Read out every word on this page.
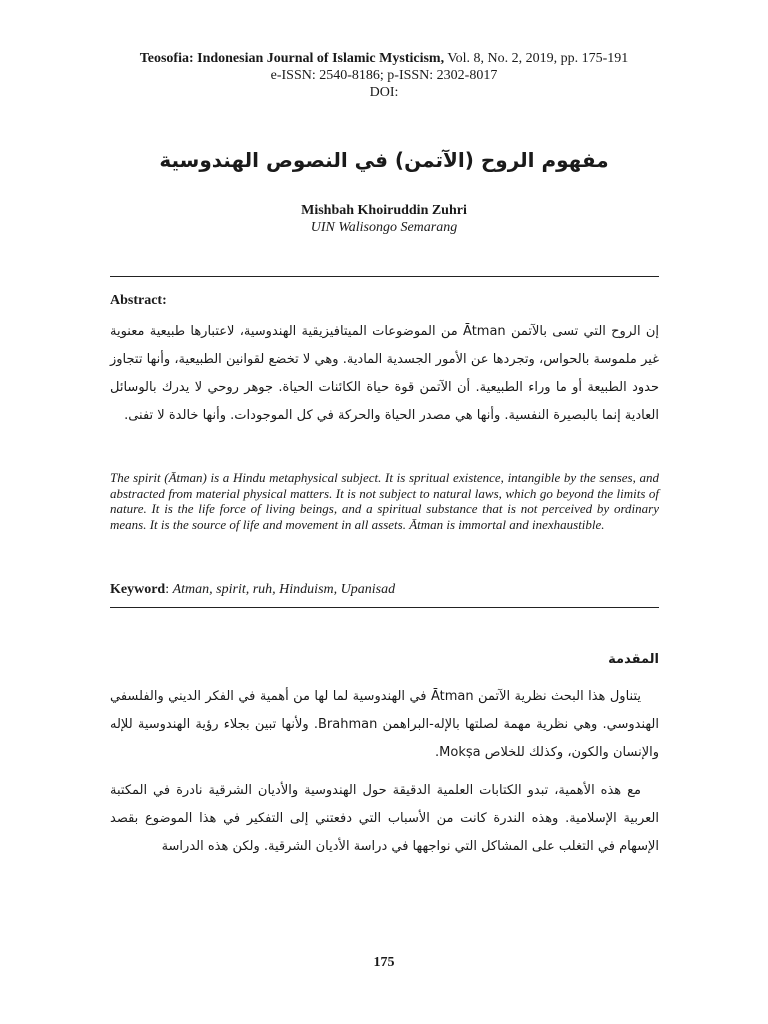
Teosofia: Indonesian Journal of Islamic Mysticism, Vol. 8, No. 2, 2019, pp. 175-191
e-ISSN: 2540-8186; p-ISSN: 2302-8017
DOI:
مفهوم الروح (الآتمن) في النصوص الهندوسية
Mishbah Khoiruddin Zuhri
UIN Walisongo Semarang
Abstract:

إن الروح التي تسى بالآتمن Ātman من الموضوعات الميتافيزيقية الهندوسية، لاعتبارها طبيعية معنوية غير ملموسة بالحواس، وتجردها عن الأمور الجسدية المادية. وهي لا تخضع لقوانين الطبيعية، وأنها تتجاوز حدود الطبيعة أو ما وراء الطبيعية. أن الآتمن قوة حياة الكائنات الحياة. جوهر روحي لا يدرك بالوسائل العادية إنما بالبصيرة النفسية. وأنها هي مصدر الحياة والحركة في كل الموجودات. وأنها خالدة لا تفنى.

The spirit (Ātman) is a Hindu metaphysical subject. It is spritual existence, intangible by the senses, and abstracted from material physical matters. It is not subject to natural laws, which go beyond the limits of nature. It is the life force of living beings, and a spiritual substance that is not perceived by ordinary means. It is the source of life and movement in all assets. Ātman is immortal and inexhaustible.
Keyword: Atman, spirit, ruh, Hinduism, Upanisad
المقدمة

يتناول هذا البحث نظرية الآتمن Ātman في الهندوسية لما لها من أهمية في الفكر الديني والفلسفي الهندوسي. وهي نظرية مهمة لصلتها بالإله-البراهمن Brahman. ولأنها تبين بجلاء رؤية الهندوسية للإله والإنسان والكون، وكذلك للخلاص Mokṣa.

مع هذه الأهمية، تبدو الكتابات العلمية الدقيقة حول الهندوسية والأديان الشرقية نادرة في المكتبة العربية الإسلامية. وهذه الندرة كانت من الأسباب التي دفعتني إلى التفكير في هذا الموضوع بقصد الإسهام في التغلب على المشاكل التي نواجهها في دراسة الأديان الشرقية. ولكن هذه الدراسة

175
